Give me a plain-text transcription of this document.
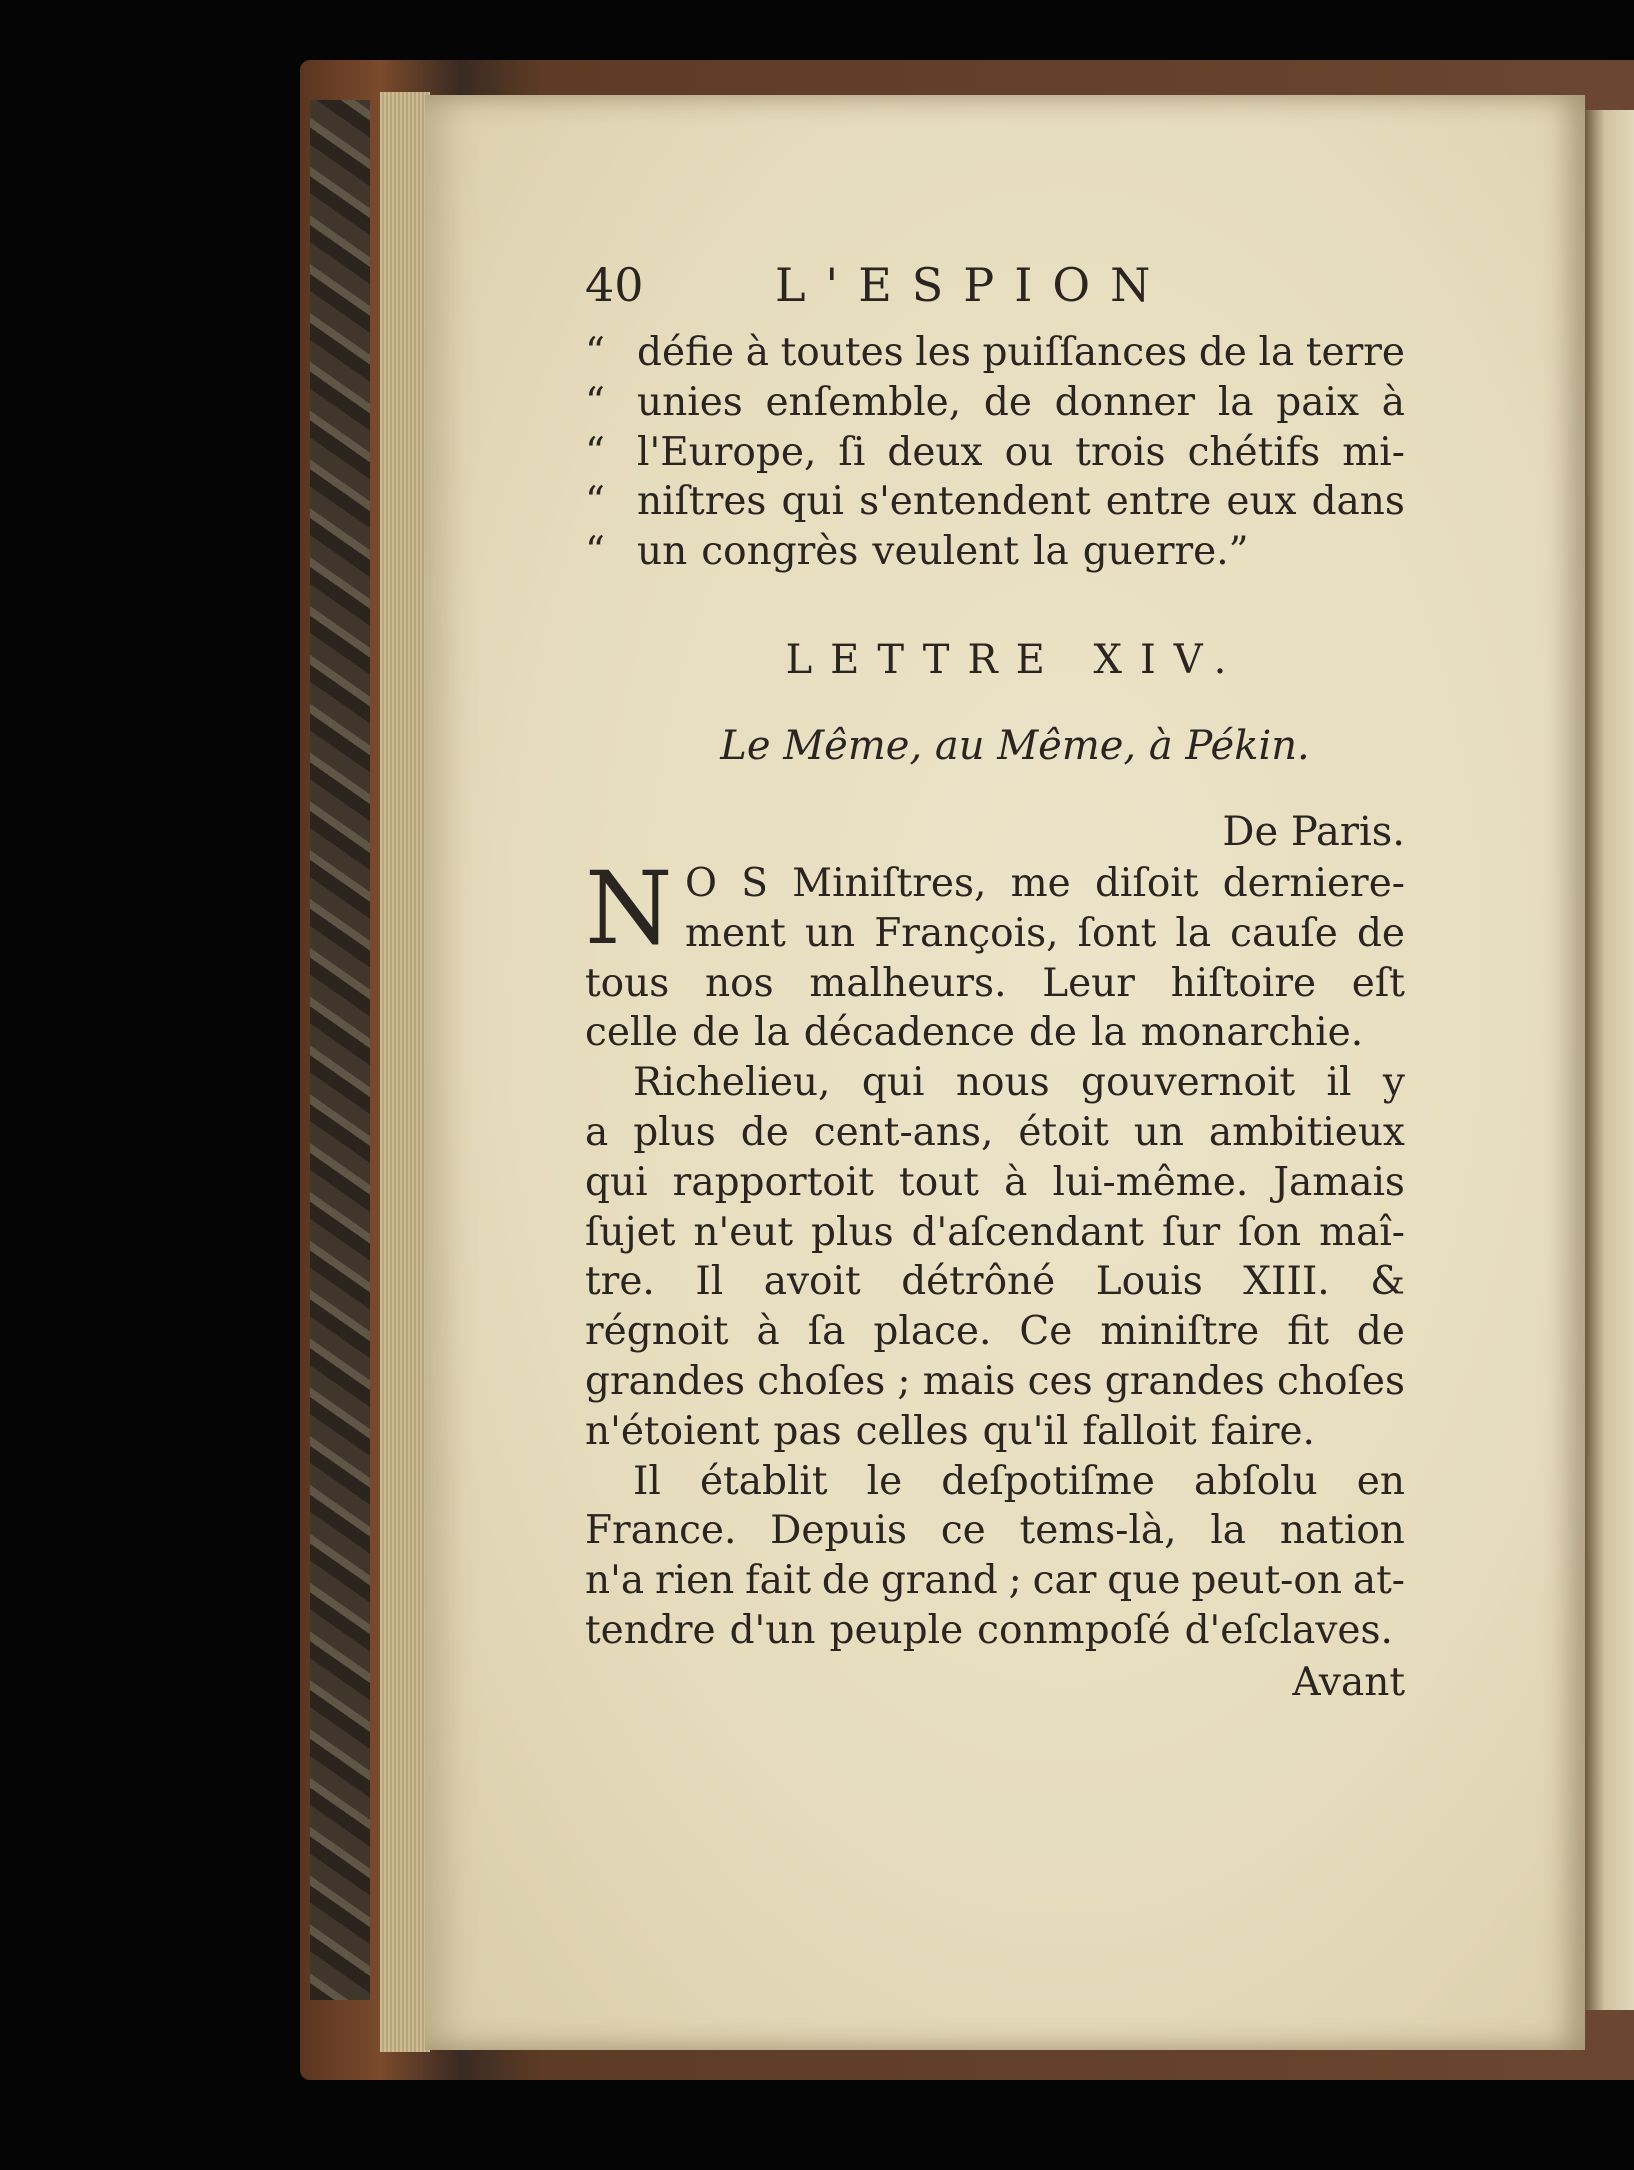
40	L'ESPION
“ défie à toutes les puiſſances de la terre
“ unies enſemble, de donner la paix à
“ l'Europe, ſi deux ou trois chétifs mi-
“ niſtres qui s'entendent entre eux dans
“ un congrès veulent la guerre.”
LETTRE XIV.
Le Même, au Même, à Pékin.
De Paris.
N O S Miniſtres, me diſoit derniere-
ment un François, ſont la cauſe de
tous nos malheurs. Leur hiſtoire eſt
celle de la décadence de la monarchie.
Richelieu, qui nous gouvernoit il y
a plus de cent-ans, étoit un ambitieux
qui rapportoit tout à lui-même. Jamais
ſujet n'eut plus d'aſcendant ſur ſon maî-
tre. Il avoit détrôné Louis XIII. &
régnoit à ſa place. Ce miniſtre fit de
grandes choſes ; mais ces grandes choſes
n'étoient pas celles qu'il falloit faire.
Il établit le deſpotiſme abſolu en
France. Depuis ce tems-là, la nation
n'a rien fait de grand ; car que peut-on at-
tendre d'un peuple conmpoſé d'eſclaves.
Avant
